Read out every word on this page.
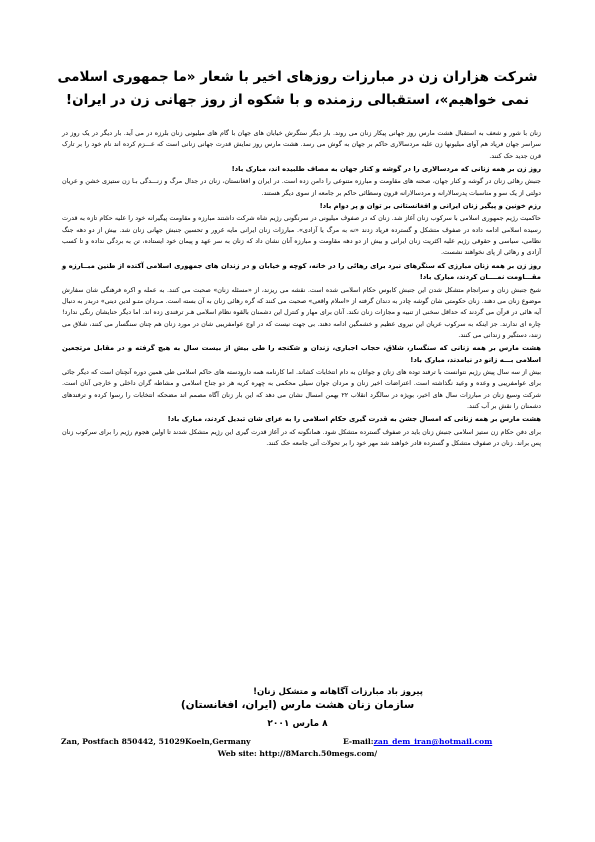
شرکت هزاران زن در مبارزات روزهای اخیر با شعار «ما جمهوری اسلامی
نمی خواهیم»، استقبالی رزمنده و با شکوه از روز جهانی زن در ایران!
زنان با شور و شعف به استقبال هشت مارس روز جهانی پیکار زنان می روند. بار دیگر ستگرش خیابان های جهان با گام های میلیونی زنان بلرزه در می آید. بار دیگر در یک روز در سراسر جهان فریاد هم آوای میلیونها زن علیه مردسالاری حاکم بر جهان به گوش می رسد. هشت مارس روز نمایش قدرت جهانی زنانی است که عـــزم کرده اند نام خود را بر تارک قرن جدید حک کنند.
روز زن بر همه زنانی که مردسالاری را در گوشه و کنار جهان به مصاف طلبیده اند، مبارک باد!
جنبش رهائی زنان در گوشه و کنار جهان، صحنه های مقاومت و مبارزه متنوعی را دامن زده است. در ایران و افغانستان، زنان در جدال مرگ و زنـــدگی بـا زن ستیزی خشن و عریان دولتی از یک سو و مناسبات پدرسالارانه و مردسالارانه قرون وسطائی حاکم بر جامعه از سوی دیگر هستند.
رزم خونین و پیگیر زنان ایرانی و افغانستانی بر توان و پر دوام باد!
حاکمیت رژیم جمهوری اسلامی با سرکوب زنان آغاز شد. زنان که در صفوف میلیونی در سرنگونی رژیم شاه شرکت داشتند مبارزه و مقاومت پیگیرانه خود را علیه حکام تازه به قدرت رسیده اسلامی ادامه داده در صفوف متشکل و گسترده فریاد زدند «نه به مرگ یا آزادی». مبارزات زنان ایرانی مایه غرور و تحسین جنبش جهانی زنان شد. بیش از دو دهه جنگ نظامی، سیاسی و حقوقی رژیم علیه اکثریت زنان ایرانی و بیش از دو دهه مقاومت و مبارزه آنان نشان داد که زنان به سر عهد و پیمان خود ایستاده، تن به بردگی نداده و تا کسب آزادی و رهائی از پای نخواهند نشست.
روز زن بر همه زنان مبارزی که سنگرهای نبرد برای رهائی را در خانه، کوچه و خیابان و در زندان های جمهوری اسلامی آکنده از طنین مبــارزه و مقـــاومت نمــــان کردند، مبارک باد!
شیخ جنبش زنان و سرانجام متشکل شدن این جنبش کابوس حکام اسلامی شده است. نقشه می ریزند، از «مسئله زنان» صحبت می کنند. به عمله و اکره فرهنگی شان سفارش موضوع زنان می دهند. زنان حکومتی شان گوشه چادر به دندان گرفته از «اسلام واقعی» صحبت می کنند که گره رهائی زنان به آن بسته است. مـردان متـو لدین دینی» دربدر به دنبال آیه هائی در قرآن می گردند که حداقل سخنی از تنبیه و مجازات زنان نکند. آنان برای مهار و کنترل این دشمنان بالقوه نظام اسلامی هـر ترفندی زده اند. اما دیگر حنایشان رنگی ندارد! چاره ای ندارند. جز اینکه به سرکوب عریان این نیروی عظیم و خشمگین ادامه دهند. بی جهت نیست که در اوج عوامفریبی شان در مورد زنان هم چنان سنگسار می کنند، شلاق می زنند، دستگیر و زندانی می کنند.
هشت مارس بر همه زنانی که سنگسار، شلاق، حجاب اجباری، زندان و شکنجه را طی بیش از بیست سال به هیچ گرفته و در مقابل مرتجعین اسلامی بـــه زانو در نیامدند، مبارک باد!
بیش از سه سال پیش رژیم نتوانست با ترفند توده های زنان و جوانان به دام انتخابات کشاند. اما کارنامه همه دارودسته های حاکم اسلامی طی همین دوره آنچنان است که دیگر جائی برای عوامفریبی و وعده و وعید نگذاشته است. اعتراضات اخیر زنان و مردان جوان سیلی محکمی به چهره کریه هر دو جناح اسلامی و مشاطه گران داخلی و خارجی آنان است. شرکت وسیع زنان در مبارزات سال های اخیر، بویژه در سالگرد انقلاب ۲۲ بهمن امسال نشان می دهد که این بار زنان آگاه مصمم اند مضحکه انتخابات را رسوا کرده و ترفندهای دشمنان را نقش بر آب کنند.
هشت مارس بر همه زنانی که امسال جشن به قدرت گیری حکام اسلامی را به عزای شان تبدیل کردند، مبارک باد!
برای دفن حکام زن ستیز اسلامی جنبش زنان باید در صفوف گسترده متشکل شود. همانگونه که در آغاز قدرت گیری این رژیم متشکل شدند تا اولین هجوم رژیم را برای سرکوب زنان پس براند. زنان در صفوف متشکل و گسترده قادر خواهند شد مهر خود را بر تحولات آتی جامعه حک کنند.
پیروز باد مبارزات آگاهانه و متشکل زنان!
سازمان زنان هشت مارس (ایران، افغانستان)
۸ مارس ۲۰۰۱
Zan, Postfach 850442, 51029Koeln,Germany	E-mail:zan_dem_iran@hotmail.com
Web site: http://8March.50megs.com/
